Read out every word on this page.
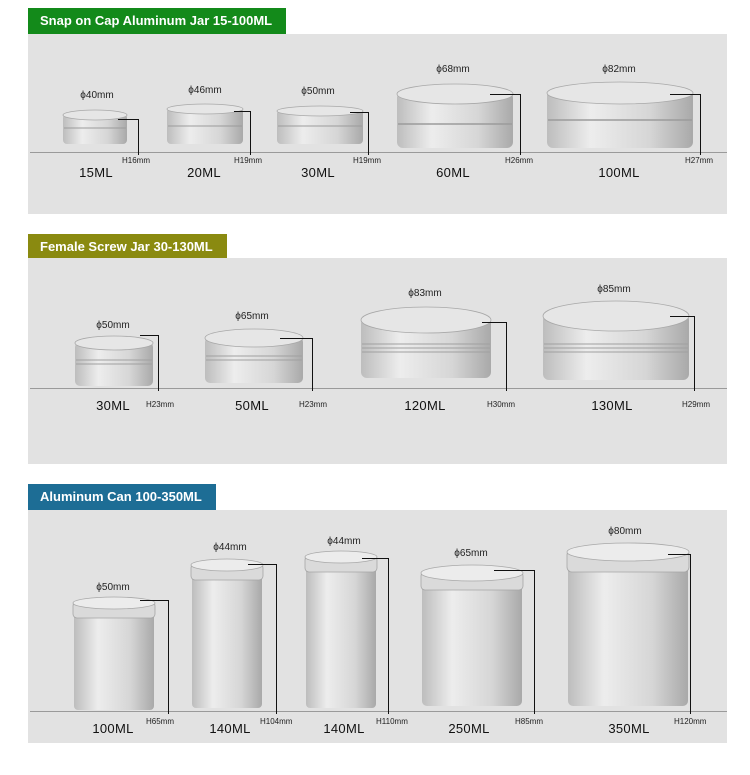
Snap on Cap Aluminum Jar 15-100ML
ϕ40mm
H16mm
15ML
ϕ46mm
H19mm
20ML
ϕ50mm
H19mm
30ML
ϕ68mm
H26mm
60ML
ϕ82mm
H27mm
100ML
Female Screw Jar 30-130ML
ϕ50mm
H23mm
30ML
ϕ65mm
H23mm
50ML
ϕ83mm
H30mm
120ML
ϕ85mm
H29mm
130ML
Aluminum Can 100-350ML
ϕ50mm
H65mm
100ML
ϕ44mm
H104mm
140ML
ϕ44mm
H110mm
140ML
ϕ65mm
H85mm
250ML
ϕ80mm
H120mm
350ML
